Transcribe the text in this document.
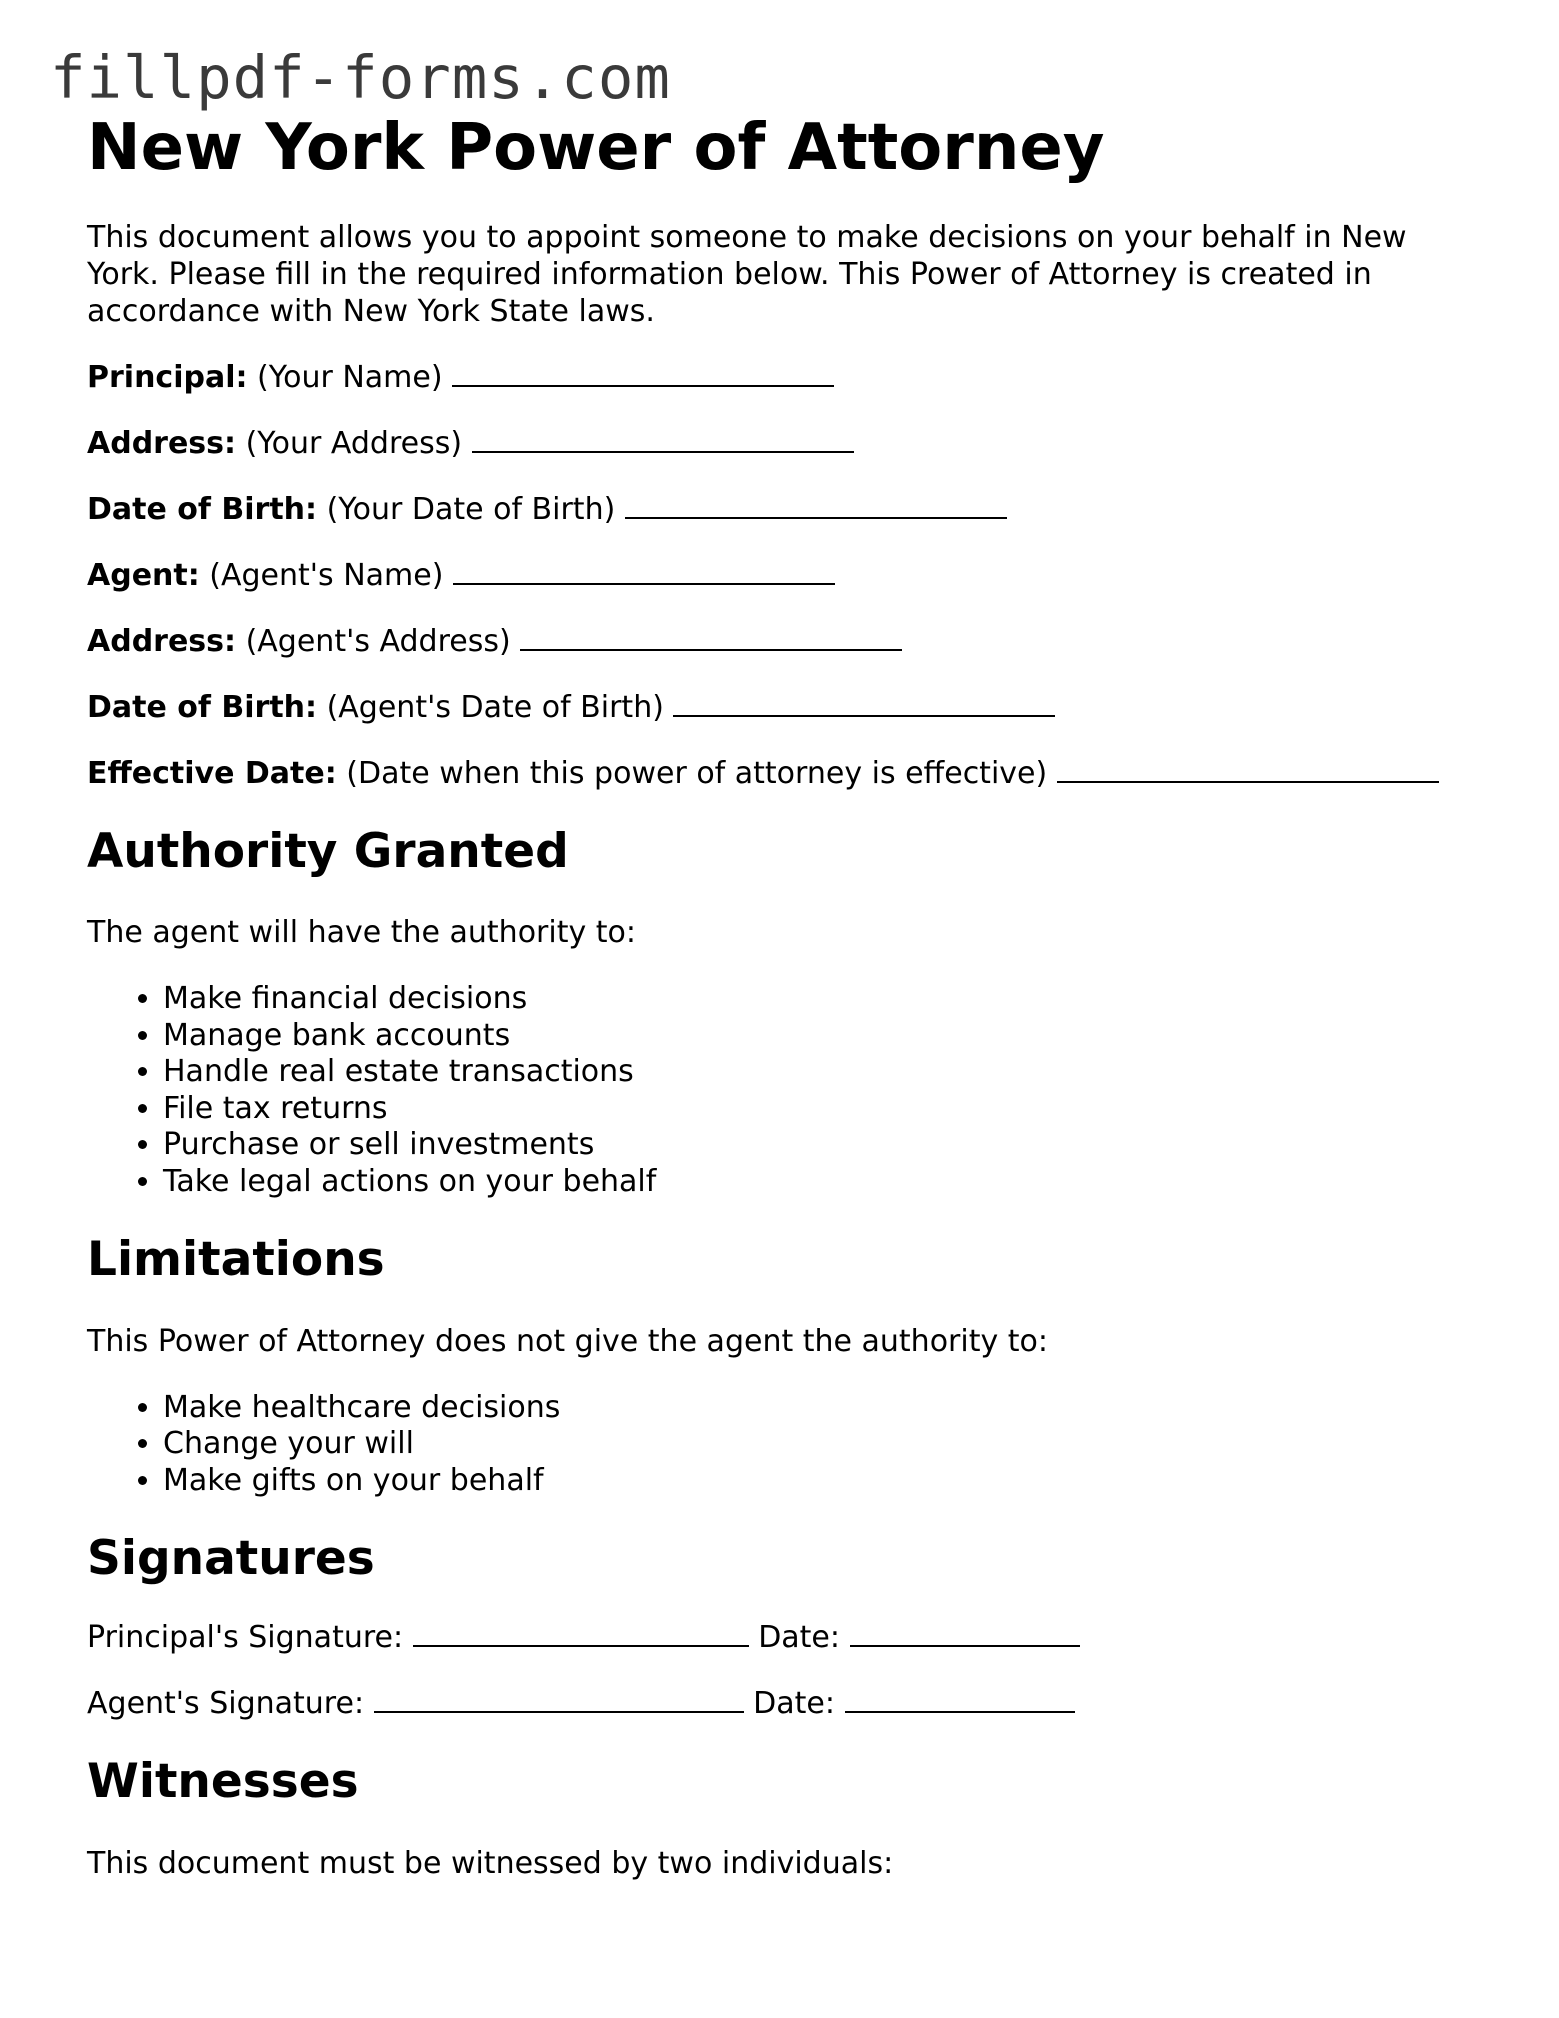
fillpdf-forms.com
New York Power of Attorney

This document allows you to appoint someone to make decisions on your behalf in New York. Please fill in the required information below. This Power of Attorney is created in accordance with New York State laws.

Principal: (Your Name)
Address: (Your Address)
Date of Birth: (Your Date of Birth)
Agent: (Agent's Name)
Address: (Agent's Address)
Date of Birth: (Agent's Date of Birth)
Effective Date: (Date when this power of attorney is effective)
Authority Granted

The agent will have the authority to:

• Make financial decisions
• Manage bank accounts
• Handle real estate transactions
• File tax returns
• Purchase or sell investments
• Take legal actions on your behalf
Limitations

This Power of Attorney does not give the agent the authority to:

• Make healthcare decisions
• Change your will
• Make gifts on your behalf
Signatures
Principal's Signature:	Date:
Agent's Signature:	Date:
Witnesses

This document must be witnessed by two individuals:
